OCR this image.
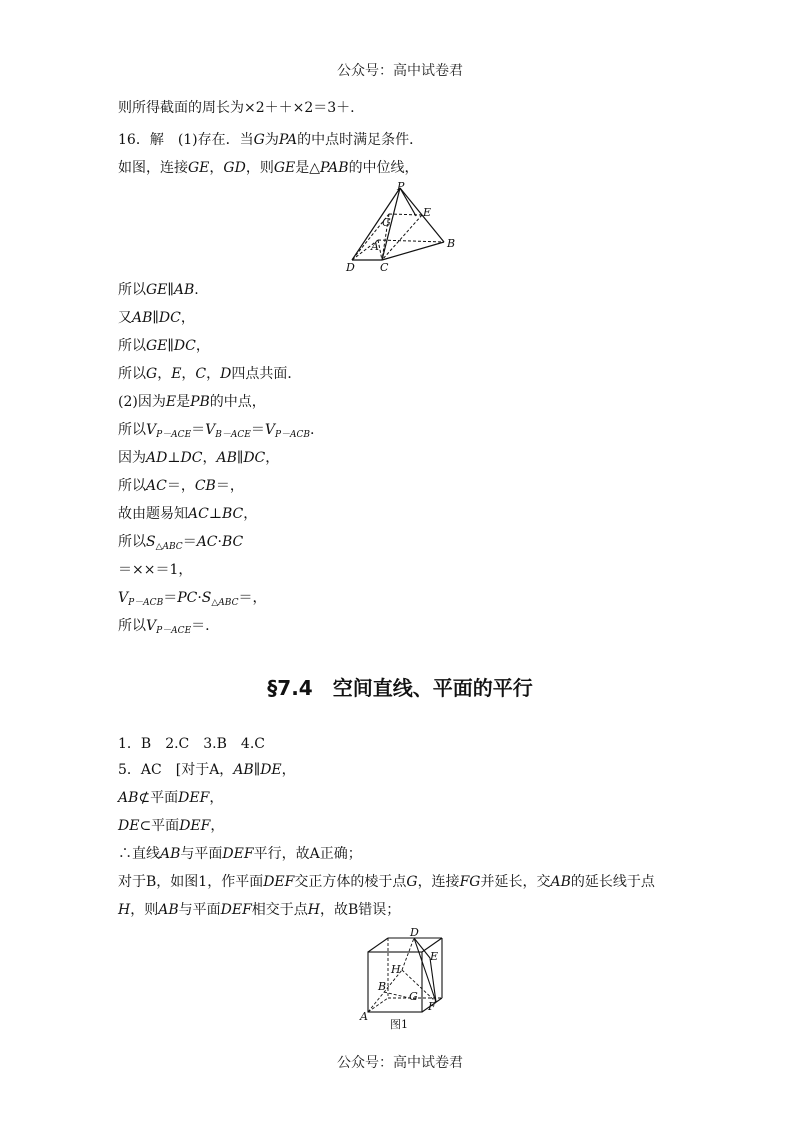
公众号：高中试卷君
则所得截面的周长为×2＋＋×2＝3＋.
16．解　(1)存在．当G为PA的中点时满足条件．
如图，连接GE，GD，则GE是△PAB的中位线，
P
E
G
A	B
D C
所以GE∥AB.
又AB∥DC，
所以GE∥DC，
所以G，E，C，D四点共面．
(2)因为E是PB的中点，
所以$V_{P-ACE}=V_{B-ACE}=V_{P-ACB}$.
因为AD⊥DC，AB∥DC，
所以AC＝，CB＝，
故由题易知AC⊥BC，
所以$S_{\triangle ABC}=AC\cdot BC$
＝××＝1，
$V_{P-ACB}=PC\cdot S_{\triangle ABC}=$，
所以$V_{P-ACE}=$.
§7.4　空间直线、平面的平行
1．B　2.C　3.B　4.C
5．AC　[对于A，AB∥DE，
AB⊄平面DEF，
DE⊂平面DEF，
∴直线AB与平面DEF平行，故A正确；
对于B，如图1，作平面DEF交正方体的棱于点G，连接FG并延长，交AB的延长线于点
H，则AB与平面DEF相交于点H，故B错误；
D
E
H
B
G
F
A
图1
公众号：高中试卷君
